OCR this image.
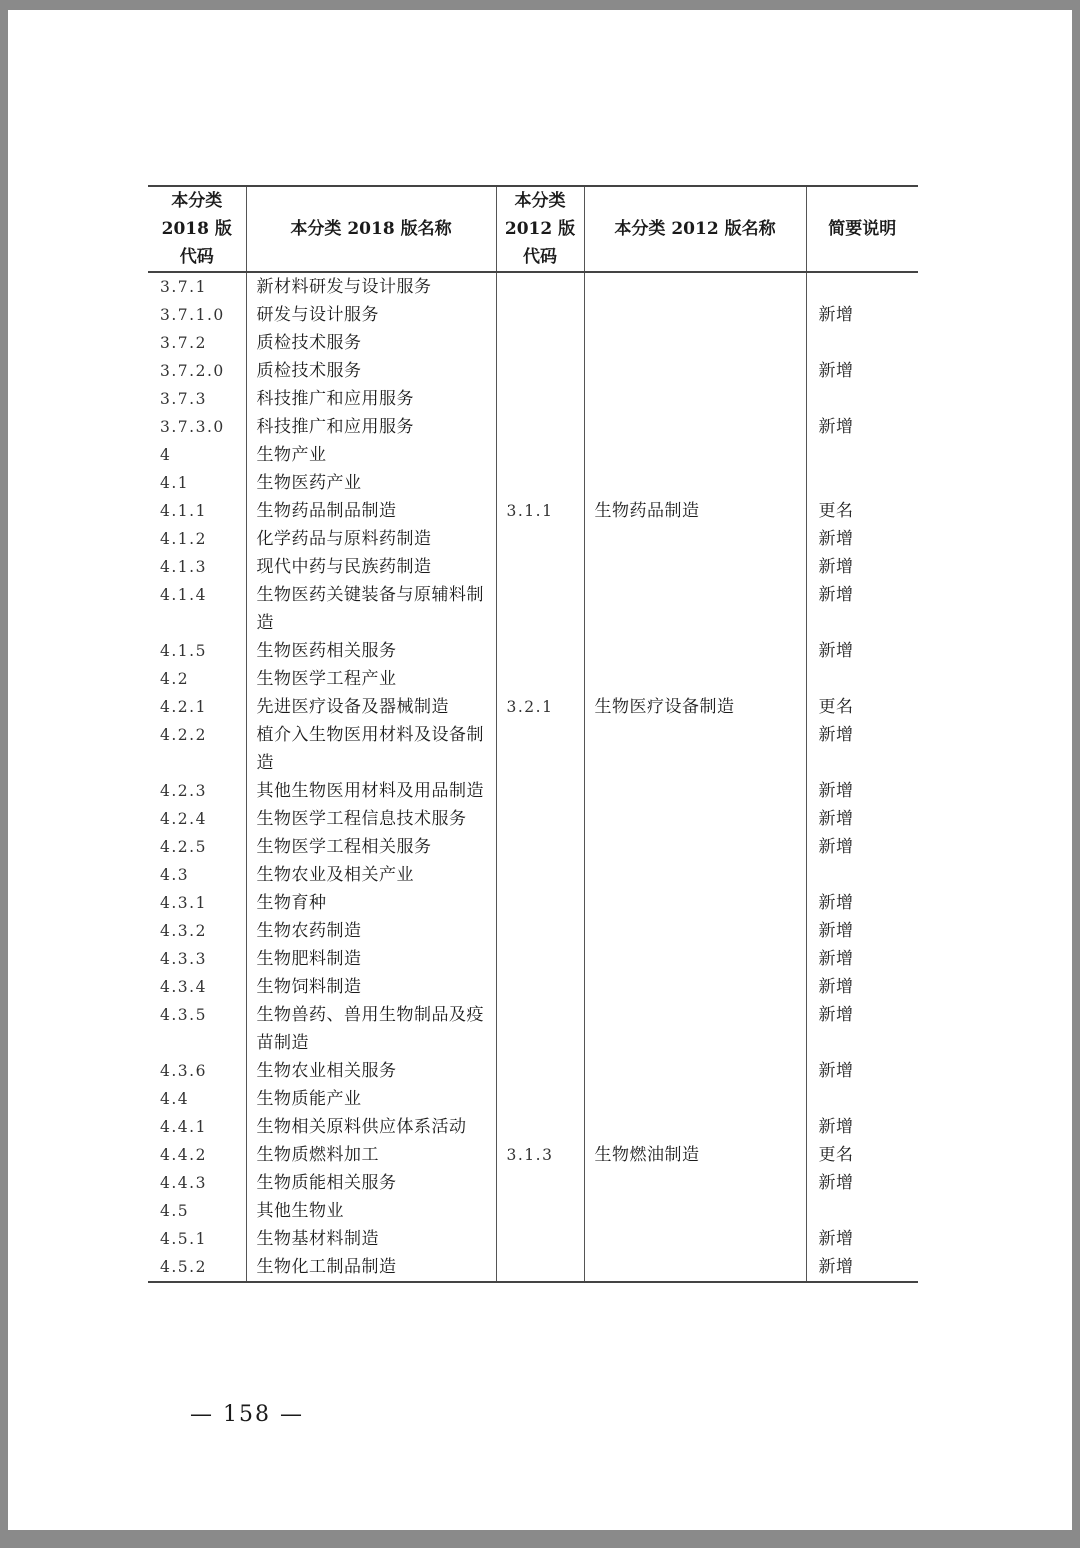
本分类
2018 版
代码	本分类 2018 版名称	本分类
2012 版
代码	本分类 2012 版名称	简要说明
3.7.1	新材料研发与设计服务			
3.7.1.0	研发与设计服务			新增
3.7.2	质检技术服务			
3.7.2.0	质检技术服务			新增
3.7.3	科技推广和应用服务			
3.7.3.0	科技推广和应用服务			新增
4	生物产业			
4.1	生物医药产业			
4.1.1	生物药品制品制造	3.1.1	生物药品制造	更名
4.1.2	化学药品与原料药制造			新增
4.1.3	现代中药与民族药制造			新增
4.1.4	生物医药关键装备与原辅料制造			新增
4.1.5	生物医药相关服务			新增
4.2	生物医学工程产业			
4.2.1	先进医疗设备及器械制造	3.2.1	生物医疗设备制造	更名
4.2.2	植介入生物医用材料及设备制造			新增
4.2.3	其他生物医用材料及用品制造			新增
4.2.4	生物医学工程信息技术服务			新增
4.2.5	生物医学工程相关服务			新增
4.3	生物农业及相关产业			
4.3.1	生物育种			新增
4.3.2	生物农药制造			新增
4.3.3	生物肥料制造			新增
4.3.4	生物饲料制造			新增
4.3.5	生物兽药、兽用生物制品及疫苗制造			新增
4.3.6	生物农业相关服务			新增
4.4	生物质能产业			
4.4.1	生物相关原料供应体系活动			新增
4.4.2	生物质燃料加工	3.1.3	生物燃油制造	更名
4.4.3	生物质能相关服务			新增
4.5	其他生物业			
4.5.1	生物基材料制造			新增
4.5.2	生物化工制品制造			新增
— 158 —
